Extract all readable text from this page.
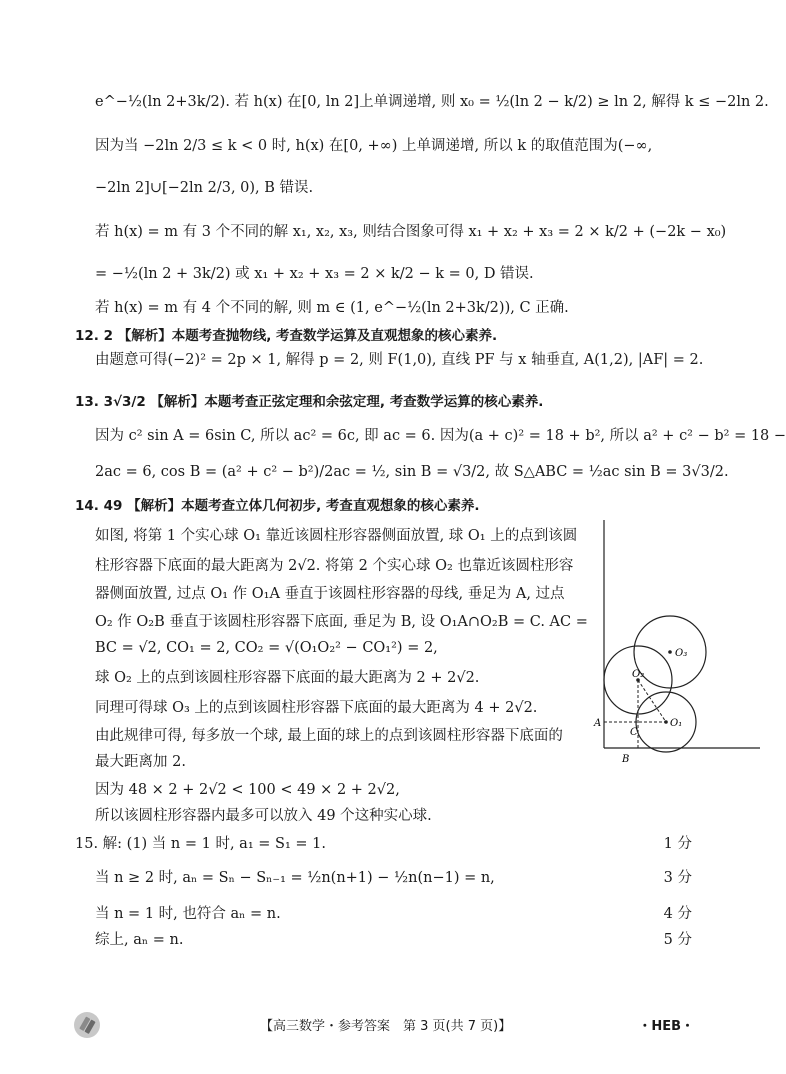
e^−½(ln 2+3k/2). 若 h(x) 在[0, ln 2]上单调递增, 则 x₀ = ½(ln 2 − k/2) ≥ ln 2, 解得 k ≤ −2ln 2.
因为当 −2ln 2/3 ≤ k < 0 时, h(x) 在[0, +∞) 上单调递增, 所以 k 的取值范围为(−∞,
−2ln 2]∪[−2ln 2/3, 0), B 错误.
若 h(x) = m 有 3 个不同的解 x₁, x₂, x₃, 则结合图象可得 x₁ + x₂ + x₃ = 2 × k/2 + (−2k − x₀)
= −½(ln 2 + 3k/2) 或 x₁ + x₂ + x₃ = 2 × k/2 − k = 0, D 错误.
若 h(x) = m 有 4 个不同的解, 则 m ∈ (1, e^−½(ln 2+3k/2)), C 正确.
12. 2 【解析】本题考查抛物线, 考查数学运算及直观想象的核心素养.
由题意可得(−2)² = 2p × 1, 解得 p = 2, 则 F(1,0), 直线 PF 与 x 轴垂直, A(1,2), |AF| = 2.
13. 3√3/2 【解析】本题考查正弦定理和余弦定理, 考查数学运算的核心素养.
因为 c² sin A = 6sin C, 所以 ac² = 6c, 即 ac = 6. 因为(a + c)² = 18 + b², 所以 a² + c² − b² = 18 −
2ac = 6, cos B = (a² + c² − b²)/2ac = ½, sin B = √3/2, 故 S△ABC = ½ac sin B = 3√3/2.
14. 49 【解析】本题考查立体几何初步, 考查直观想象的核心素养.
如图, 将第 1 个实心球 O₁ 靠近该圆柱形容器侧面放置, 球 O₁ 上的点到该圆
柱形容器下底面的最大距离为 2√2. 将第 2 个实心球 O₂ 也靠近该圆柱形容
器侧面放置, 过点 O₁ 作 O₁A 垂直于该圆柱形容器的母线, 垂足为 A, 过点
O₂ 作 O₂B 垂直于该圆柱形容器下底面, 垂足为 B, 设 O₁A∩O₂B = C. AC =
BC = √2, CO₁ = 2, CO₂ = √(O₁O₂² − CO₁²) = 2,
球 O₂ 上的点到该圆柱形容器下底面的最大距离为 2 + 2√2.
同理可得球 O₃ 上的点到该圆柱形容器下底面的最大距离为 4 + 2√2.
由此规律可得, 每多放一个球, 最上面的球上的点到该圆柱形容器下底面的
最大距离加 2.
因为 48 × 2 + 2√2 < 100 < 49 × 2 + 2√2,
所以该圆柱形容器内最多可以放入 49 个这种实心球.
15. 解: (1) 当 n = 1 时, a₁ = S₁ = 1.	1 分
当 n ≥ 2 时, aₙ = Sₙ − Sₙ₋₁ = ½n(n+1) − ½n(n−1) = n,	3 分
当 n = 1 时, 也符合 aₙ = n.	4 分
综上, aₙ = n.	5 分
O₃
O₂
O₁
A
C
B
【高三数学・参考答案　第 3 页(共 7 页)】	・HEB・
